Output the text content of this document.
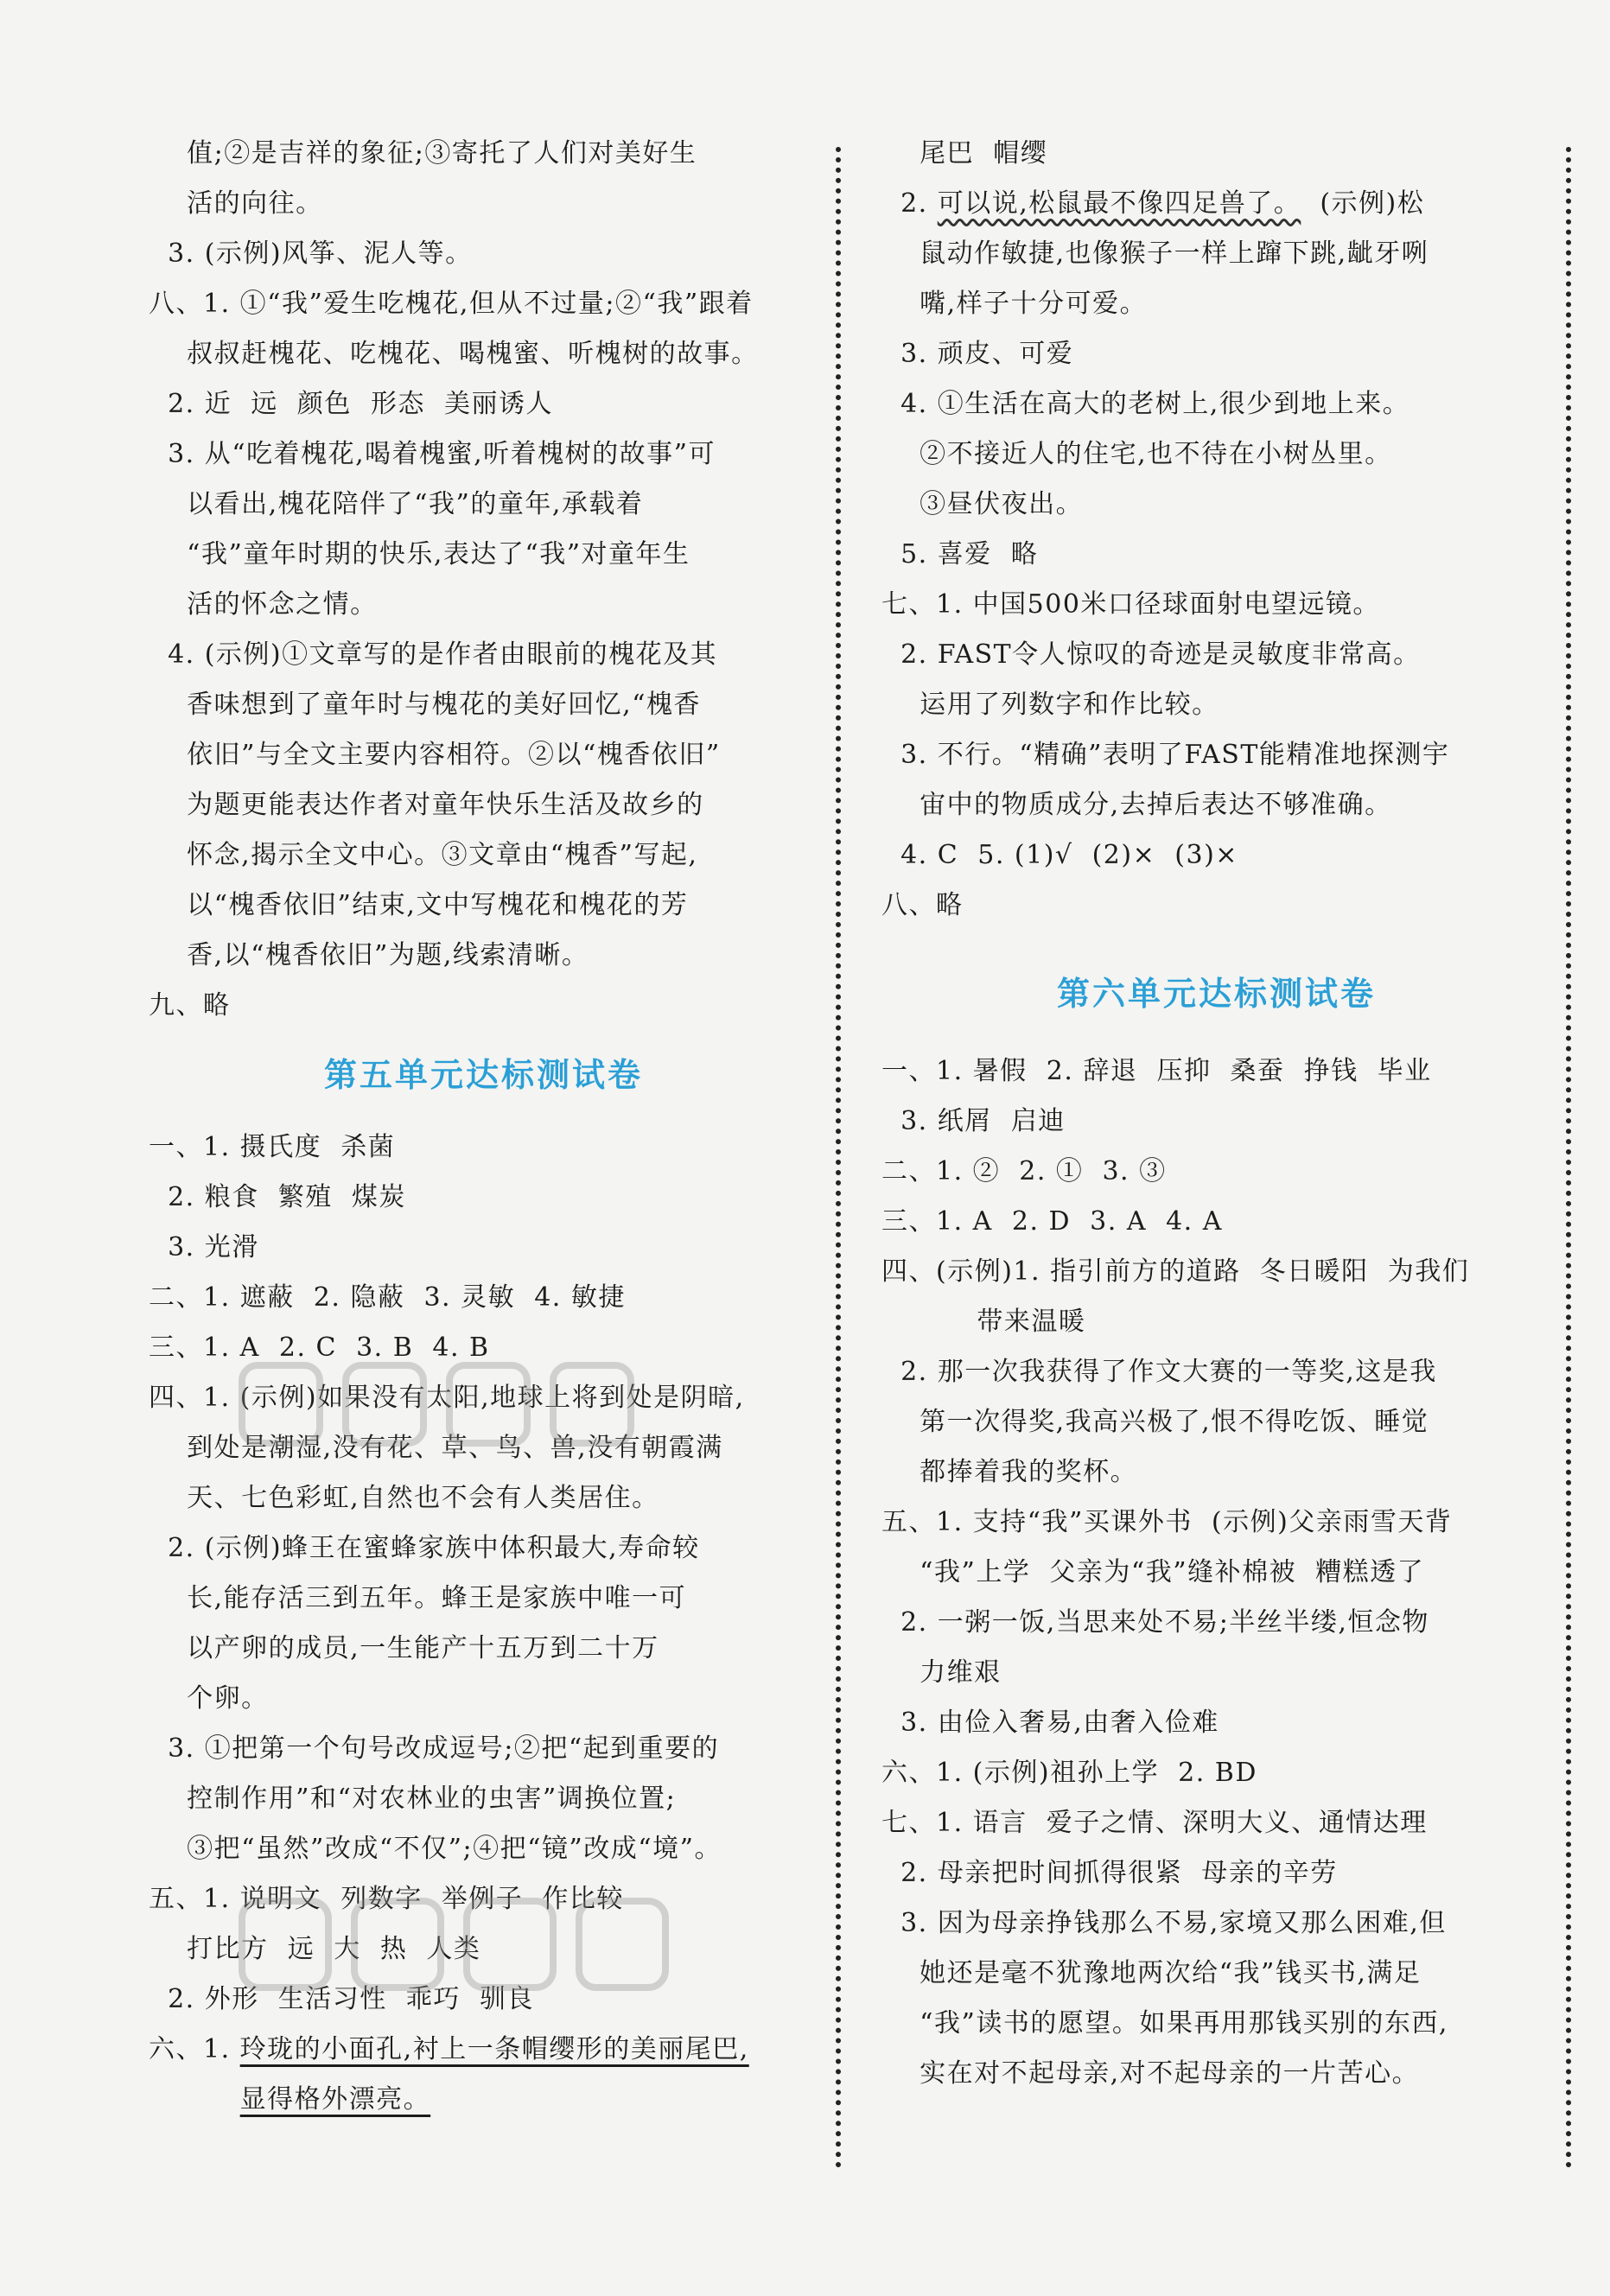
值;②是吉祥的象征;③寄托了人们对美好生
活的向往。
3. (示例)风筝、泥人等。
八、1. ①“我”爱生吃槐花,但从不过量;②“我”跟着
叔叔赶槐花、吃槐花、喝槐蜜、听槐树的故事。
2. 近  远  颜色  形态  美丽诱人
3. 从“吃着槐花,喝着槐蜜,听着槐树的故事”可
以看出,槐花陪伴了“我”的童年,承载着
“我”童年时期的快乐,表达了“我”对童年生
活的怀念之情。
4. (示例)①文章写的是作者由眼前的槐花及其
香味想到了童年时与槐花的美好回忆,“槐香
依旧”与全文主要内容相符。②以“槐香依旧”
为题更能表达作者对童年快乐生活及故乡的
怀念,揭示全文中心。③文章由“槐香”写起,
以“槐香依旧”结束,文中写槐花和槐花的芳
香,以“槐香依旧”为题,线索清晰。
九、略
第五单元达标测试卷
一、1. 摄氏度  杀菌
2. 粮食  繁殖  煤炭
3. 光滑
二、1. 遮蔽  2. 隐蔽  3. 灵敏  4. 敏捷
三、1. A  2. C  3. B  4. B
四、1. (示例)如果没有太阳,地球上将到处是阴暗,
到处是潮湿,没有花、草、鸟、兽,没有朝霞满
天、七色彩虹,自然也不会有人类居住。
2. (示例)蜂王在蜜蜂家族中体积最大,寿命较
长,能存活三到五年。蜂王是家族中唯一可
以产卵的成员,一生能产十五万到二十万
个卵。
3. ①把第一个句号改成逗号;②把“起到重要的
控制作用”和“对农林业的虫害”调换位置;
③把“虽然”改成“不仅”;④把“镜”改成“境”。
五、1. 说明文  列数字  举例子  作比较
打比方  远  大  热  人类
2. 外形  生活习性  乖巧  驯良
六、1. 玲珑的小面孔,衬上一条帽缨形的美丽尾巴,
显得格外漂亮。
尾巴  帽缨
2. 可以说,松鼠最不像四足兽了。  (示例)松
鼠动作敏捷,也像猴子一样上蹿下跳,龇牙咧
嘴,样子十分可爱。
3. 顽皮、可爱
4. ①生活在高大的老树上,很少到地上来。
②不接近人的住宅,也不待在小树丛里。
③昼伏夜出。
5. 喜爱  略
七、1. 中国500米口径球面射电望远镜。
2. FAST令人惊叹的奇迹是灵敏度非常高。
运用了列数字和作比较。
3. 不行。“精确”表明了FAST能精准地探测宇
宙中的物质成分,去掉后表达不够准确。
4. C  5. (1)√  (2)×  (3)×
八、略
第六单元达标测试卷
一、1. 暑假  2. 辞退  压抑  桑蚕  挣钱  毕业
3. 纸屑  启迪
二、1. ②  2. ①  3. ③
三、1. A  2. D  3. A  4. A
四、(示例)1. 指引前方的道路  冬日暖阳  为我们
带来温暖
2. 那一次我获得了作文大赛的一等奖,这是我
第一次得奖,我高兴极了,恨不得吃饭、睡觉
都捧着我的奖杯。
五、1. 支持“我”买课外书  (示例)父亲雨雪天背
“我”上学  父亲为“我”缝补棉被  糟糕透了
2. 一粥一饭,当思来处不易;半丝半缕,恒念物
力维艰
3. 由俭入奢易,由奢入俭难
六、1. (示例)祖孙上学  2. BD
七、1. 语言  爱子之情、深明大义、通情达理
2. 母亲把时间抓得很紧  母亲的辛劳
3. 因为母亲挣钱那么不易,家境又那么困难,但
她还是毫不犹豫地两次给“我”钱买书,满足
“我”读书的愿望。如果再用那钱买别的东西,
实在对不起母亲,对不起母亲的一片苦心。
